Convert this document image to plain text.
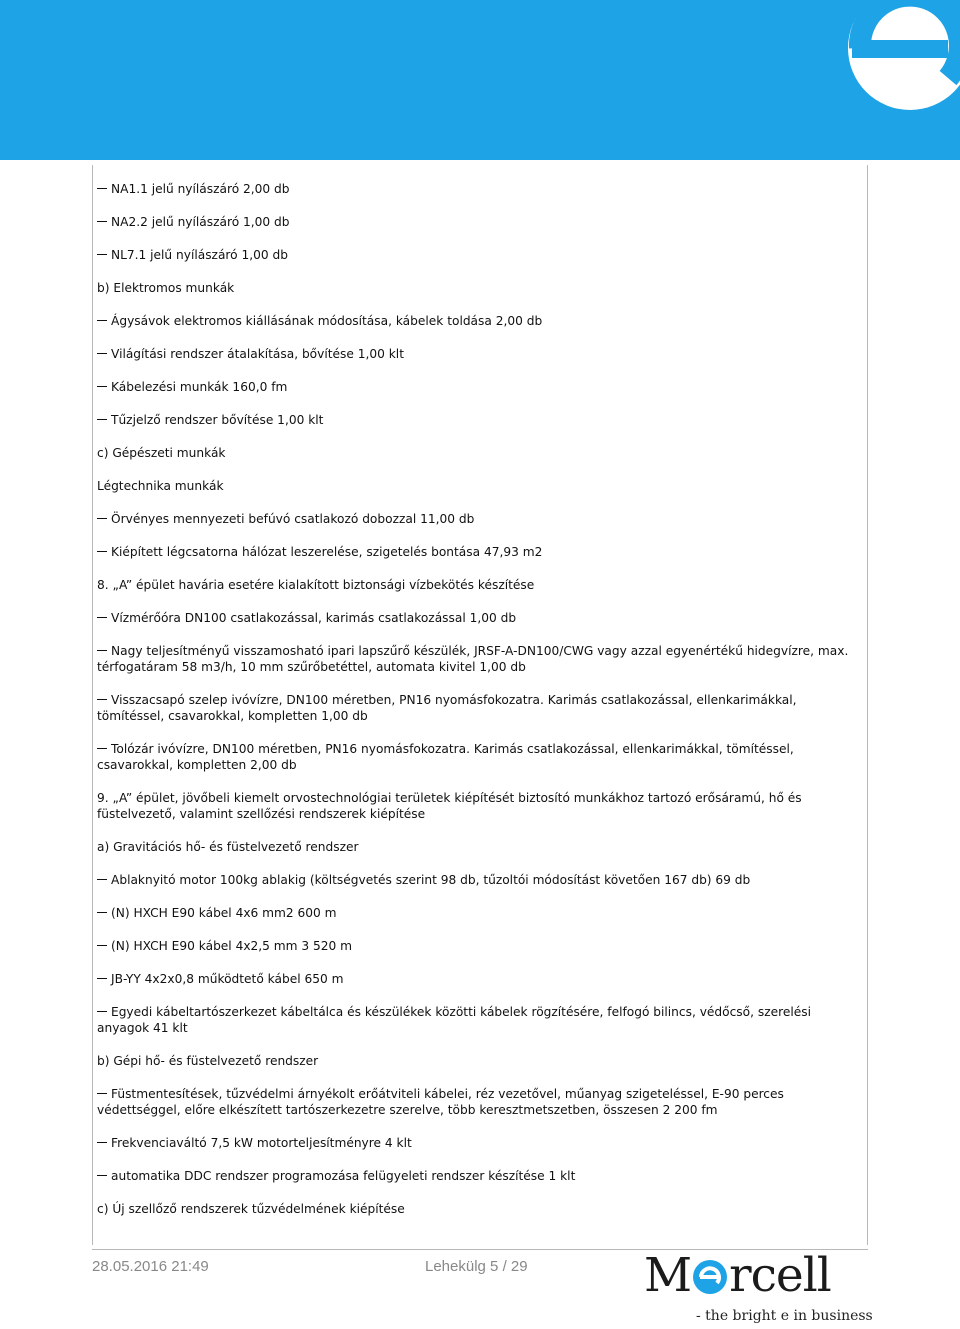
NA1.1 jelű nyílászáró 2,00 db
NA2.2 jelű nyílászáró 1,00 db
NL7.1 jelű nyílászáró 1,00 db
b) Elektromos munkák
Ágysávok elektromos kiállásának módosítása, kábelek toldása 2,00 db
Világítási rendszer átalakítása, bővítése 1,00 klt
Kábelezési munkák 160,0 fm
Tűzjelző rendszer bővítése 1,00 klt
c) Gépészeti munkák
Légtechnika munkák
Örvényes mennyezeti befúvó csatlakozó dobozzal 11,00 db
Kiépített légcsatorna hálózat leszerelése, szigetelés bontása 47,93 m2
8. „A” épület havária esetére kialakított biztonsági vízbekötés készítése
Vízmérőóra DN100 csatlakozással, karimás csatlakozással 1,00 db
Nagy teljesítményű visszamosható ipari lapszűrő készülék, JRSF-A-DN100/CWG vagy azzal egyenértékű hidegvízre, max. térfogatáram 58 m3/h, 10 mm szűrőbetéttel, automata kivitel 1,00 db
Visszacsapó szelep ivóvízre, DN100 méretben, PN16 nyomásfokozatra. Karimás csatlakozással, ellenkarimákkal, tömítéssel, csavarokkal, kompletten 1,00 db
Tolózár ivóvízre, DN100 méretben, PN16 nyomásfokozatra. Karimás csatlakozással, ellenkarimákkal, tömítéssel, csavarokkal, kompletten 2,00 db
9. „A” épület, jövőbeli kiemelt orvostechnológiai területek kiépítését biztosító munkákhoz tartozó erősáramú, hő és füstelvezető, valamint szellőzési rendszerek kiépítése
a) Gravitációs hő- és füstelvezető rendszer
Ablaknyitó motor 100kg ablakig (költségvetés szerint 98 db, tűzoltói módosítást követően 167 db) 69 db
(N) HXCH E90 kábel 4x6 mm2 600 m
(N) HXCH E90 kábel 4x2,5 mm 3 520 m
JB-YY 4x2x0,8 működtető kábel 650 m
Egyedi kábeltartószerkezet kábeltálca és készülékek közötti kábelek rögzítésére, felfogó bilincs, védőcső, szerelési anyagok 41 klt
b) Gépi hő- és füstelvezető rendszer
Füstmentesítések, tűzvédelmi árnyékolt erőátviteli kábelei, réz vezetővel, műanyag szigeteléssel, E-90 perces védettséggel, előre elkészített tartószerkezetre szerelve, több keresztmetszetben, összesen 2 200 fm
Frekvenciaváltó 7,5 kW motorteljesítményre 4 klt
automatika DDC rendszer programozása felügyeleti rendszer készítése 1 klt
c) Új szellőző rendszerek tűzvédelmének kiépítése
28.05.2016 21:49	Lehekülg 5 / 29 M rcell
- the bright e in business
